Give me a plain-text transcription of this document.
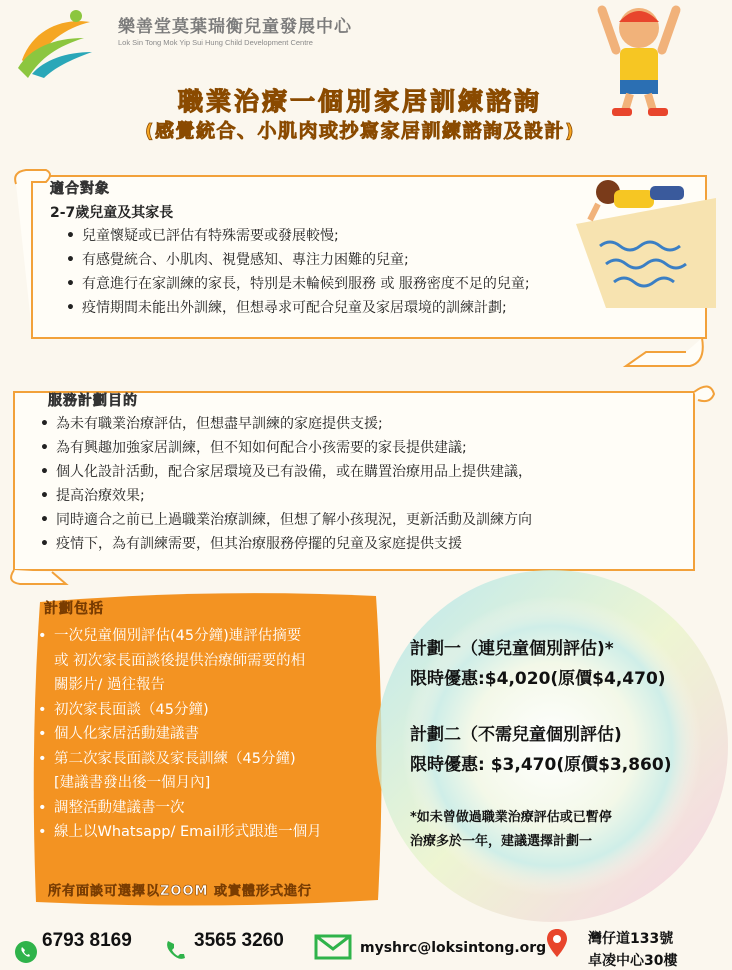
樂善堂莫葉瑞衡兒童發展中心
Lok Sin Tong Mok Yip Sui Hung Child Development Centre
職業治療一個別家居訓練諮詢
(感覺統合、小肌肉或抄寫家居訓練諮詢及設計)
適合對象
2-7歲兒童及其家長
• 兒童懷疑或已評估有特殊需要或發展較慢;
• 有感覺統合、小肌肉、視覺感知、專注力困難的兒童;
• 有意進行在家訓練的家長，特別是未輪候到服務 或 服務密度不足的兒童;
• 疫情期間未能出外訓練，但想尋求可配合兒童及家居環境的訓練計劃;
服務計劃目的
• 為未有職業治療評估，但想盡早訓練的家庭提供支援;
• 為有興趣加強家居訓練，但不知如何配合小孩需要的家長提供建議;
• 個人化設計活動，配合家居環境及已有設備，或在購置治療用品上提供建議，
• 提高治療效果;
• 同時適合之前已上過職業治療訓練，但想了解小孩現況，更新活動及訓練方向
• 疫情下，為有訓練需要，但其治療服務停擺的兒童及家庭提供支援
計劃包括
• 一次兒童個別評估(45分鐘)連評估摘要
或 初次家長面談後提供治療師需要的相
關影片/ 過往報告
• 初次家長面談（45分鐘)
• 個人化家居活動建議書
• 第二次家長面談及家長訓練（45分鐘)
[建議書發出後一個月內]
• 調整活動建議書一次
• 線上以Whatsapp/ Email形式跟進一個月
所有面談可選擇以ZOOM 或實體形式進行
計劃一（連兒童個別評估)*
限時優惠:$4,020(原價$4,470)
計劃二（不需兒童個別評估)
限時優惠: $3,470(原價$3,860)
*如未曾做過職業治療評估或已暫停
治療多於一年，建議選擇計劃一
6793 8169	3565 3260	myshrc@loksintong.org
灣仔道133號
卓凌中心30樓
